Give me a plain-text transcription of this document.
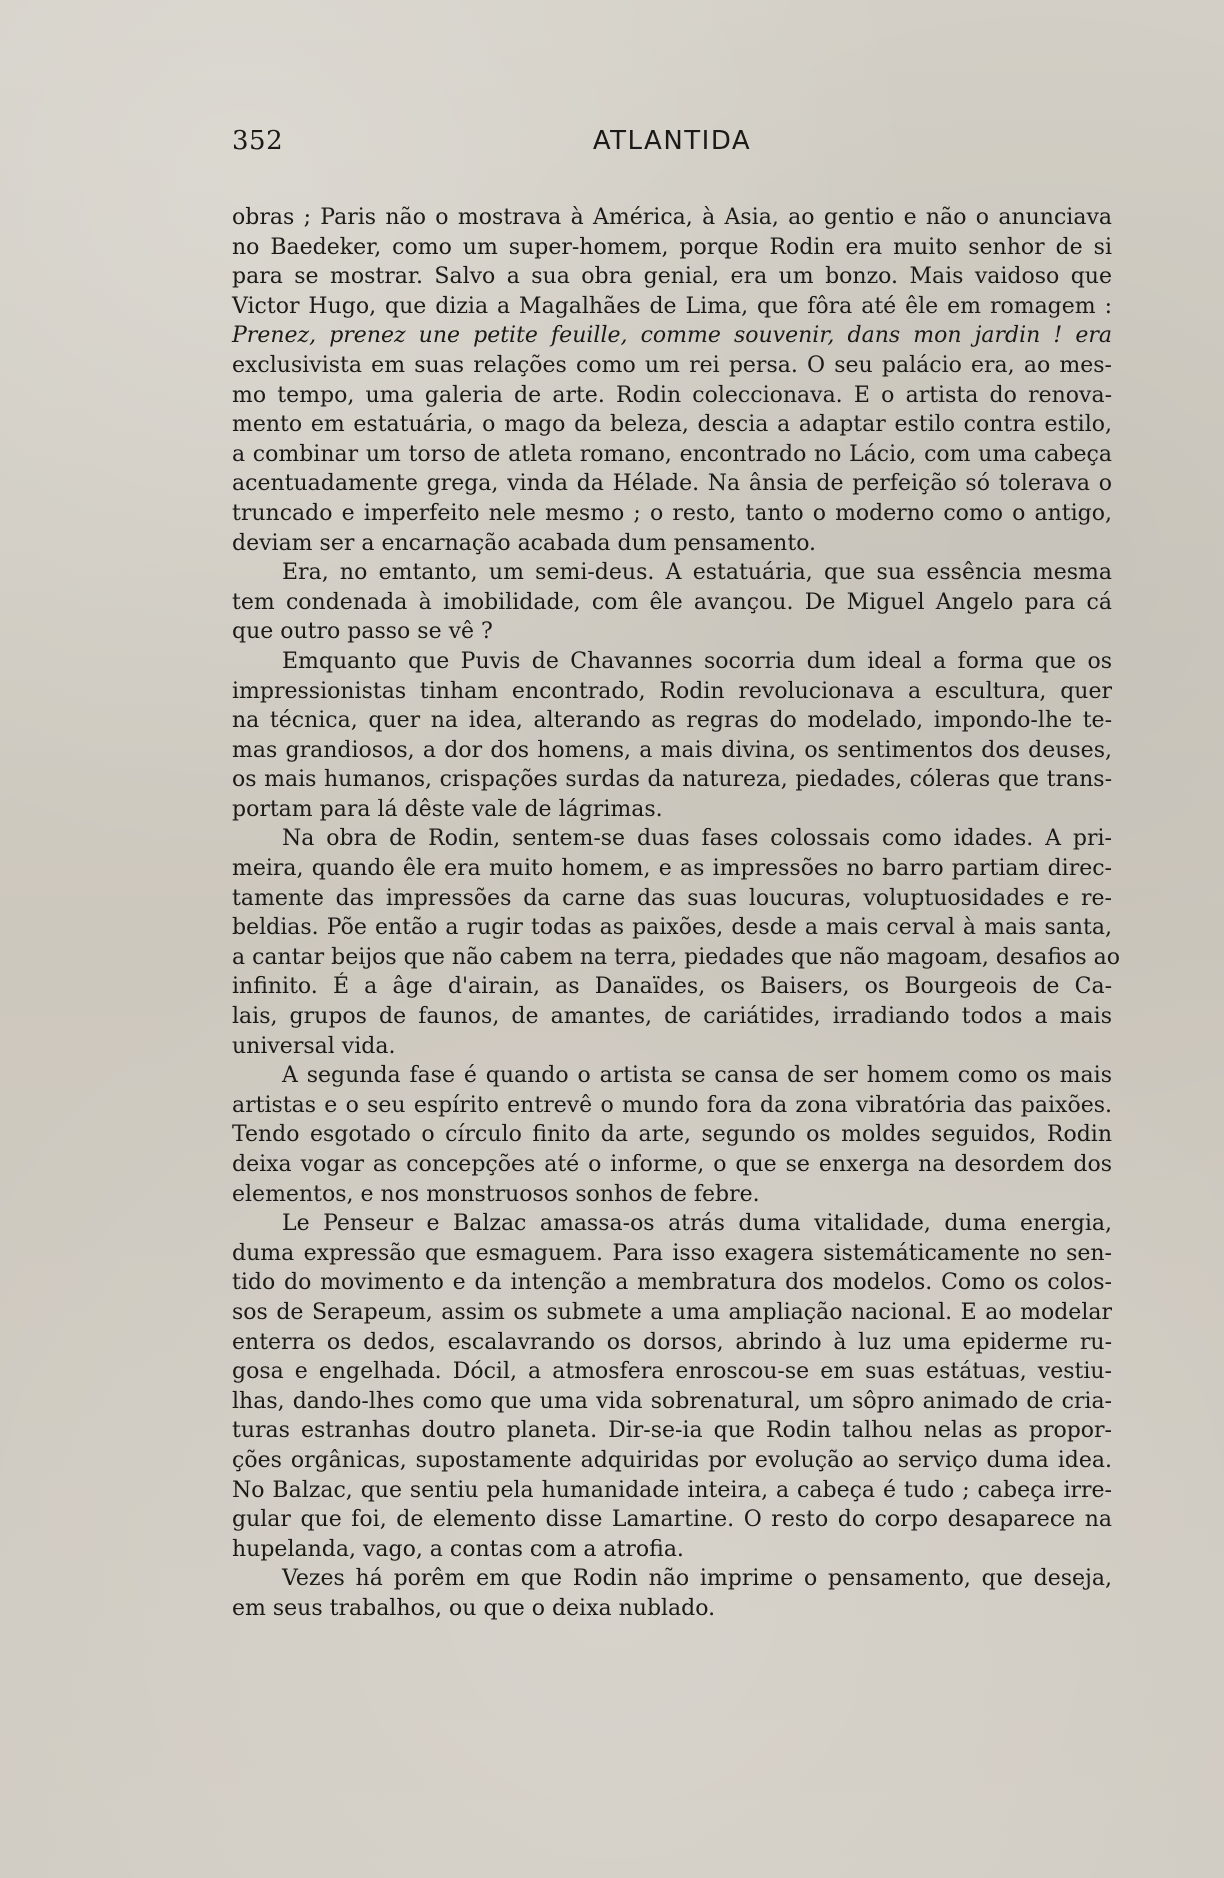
352	ATLANTIDA
obras ; Paris não o mostrava à América, à Asia, ao gentio e não o anunciava
no Baedeker, como um super-homem, porque Rodin era muito senhor de si
para se mostrar. Salvo a sua obra genial, era um bonzo. Mais vaidoso que
Victor Hugo, que dizia a Magalhães de Lima, que fôra até êle em romagem :
Prenez, prenez une petite feuille, comme souvenir, dans mon jardin ! era
exclusivista em suas relações como um rei persa. O seu palácio era, ao mes-
mo tempo, uma galeria de arte. Rodin coleccionava. E o artista do renova-
mento em estatuária, o mago da beleza, descia a adaptar estilo contra estilo,
a combinar um torso de atleta romano, encontrado no Lácio, com uma cabeça
acentuadamente grega, vinda da Hélade. Na ânsia de perfeição só tolerava o
truncado e imperfeito nele mesmo ; o resto, tanto o moderno como o antigo,
deviam ser a encarnação acabada dum pensamento.
Era, no emtanto, um semi-deus. A estatuária, que sua essência mesma
tem condenada à imobilidade, com êle avançou. De Miguel Angelo para cá
que outro passo se vê ?
Emquanto que Puvis de Chavannes socorria dum ideal a forma que os
impressionistas tinham encontrado, Rodin revolucionava a escultura, quer
na técnica, quer na idea, alterando as regras do modelado, impondo-lhe te-
mas grandiosos, a dor dos homens, a mais divina, os sentimentos dos deuses,
os mais humanos, crispações surdas da natureza, piedades, cóleras que trans-
portam para lá dêste vale de lágrimas.
Na obra de Rodin, sentem-se duas fases colossais como idades. A pri-
meira, quando êle era muito homem, e as impressões no barro partiam direc-
tamente das impressões da carne das suas loucuras, voluptuosidades e re-
beldias. Põe então a rugir todas as paixões, desde a mais cerval à mais santa,
a cantar beijos que não cabem na terra, piedades que não magoam, desafios ao
infinito. É a âge d'airain, as Danaïdes, os Baisers, os Bourgeois de Ca-
lais, grupos de faunos, de amantes, de cariátides, irradiando todos a mais
universal vida.
A segunda fase é quando o artista se cansa de ser homem como os mais
artistas e o seu espírito entrevê o mundo fora da zona vibratória das paixões.
Tendo esgotado o círculo finito da arte, segundo os moldes seguidos, Rodin
deixa vogar as concepções até o informe, o que se enxerga na desordem dos
elementos, e nos monstruosos sonhos de febre.
Le Penseur e Balzac amassa-os atrás duma vitalidade, duma energia,
duma expressão que esmaguem. Para isso exagera sistemáticamente no sen-
tido do movimento e da intenção a membratura dos modelos. Como os colos-
sos de Serapeum, assim os submete a uma ampliação nacional. E ao modelar
enterra os dedos, escalavrando os dorsos, abrindo à luz uma epiderme ru-
gosa e engelhada. Dócil, a atmosfera enroscou-se em suas estátuas, vestiu-
lhas, dando-lhes como que uma vida sobrenatural, um sôpro animado de cria-
turas estranhas doutro planeta. Dir-se-ia que Rodin talhou nelas as propor-
ções orgânicas, supostamente adquiridas por evolução ao serviço duma idea.
No Balzac, que sentiu pela humanidade inteira, a cabeça é tudo ; cabeça irre-
gular que foi, de elemento disse Lamartine. O resto do corpo desaparece na
hupelanda, vago, a contas com a atrofia.
Vezes há porêm em que Rodin não imprime o pensamento, que deseja,
em seus trabalhos, ou que o deixa nublado.
